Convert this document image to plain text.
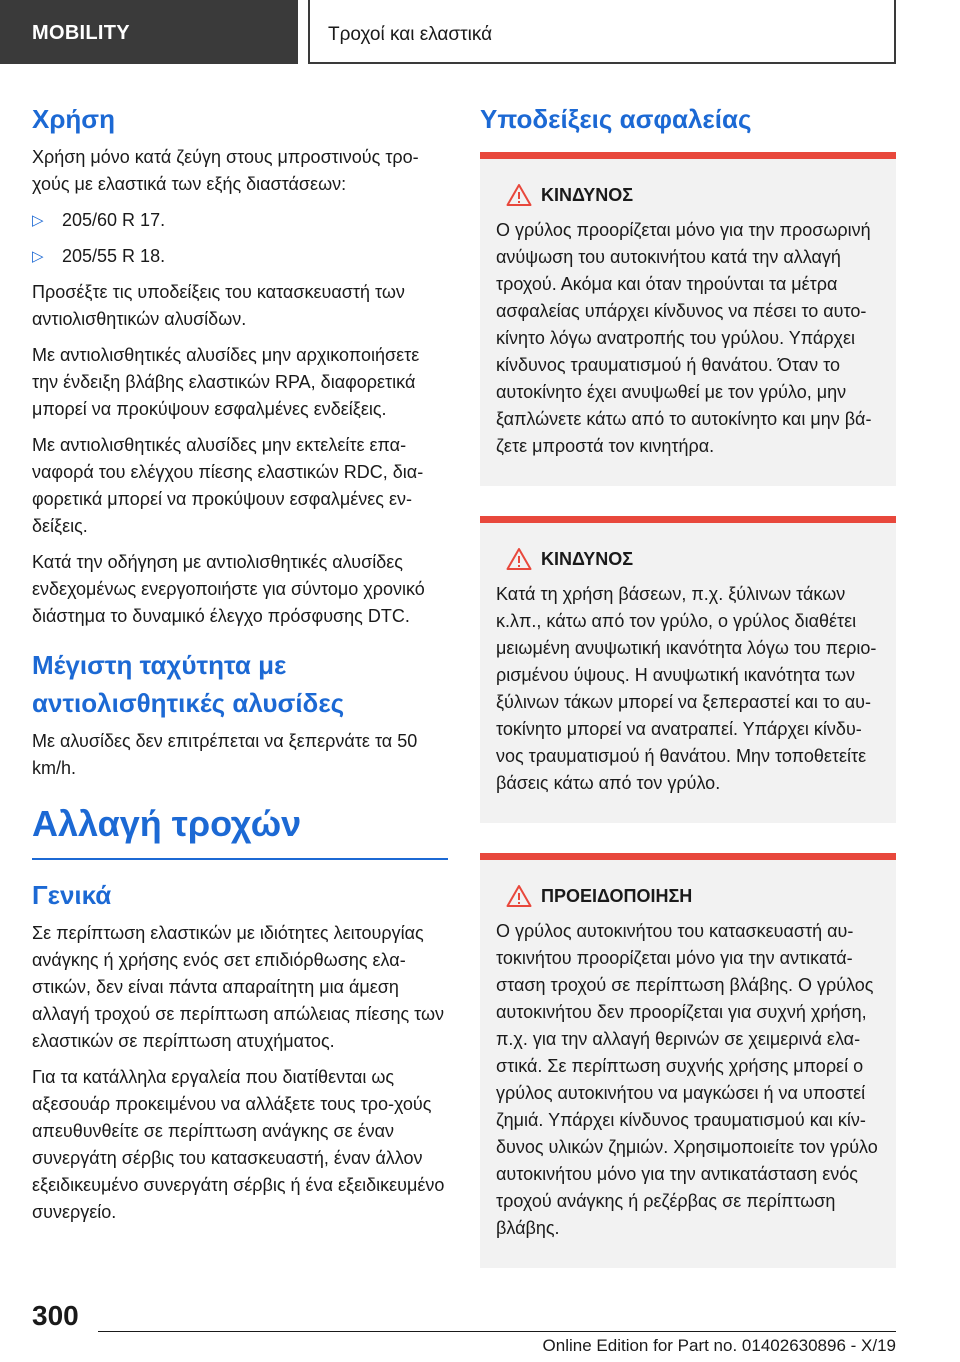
MOBILITY	Τροχοί και ελαστικά
Χρήση
Χρήση μόνο κατά ζεύγη στους μπροστινούς τρο-χούς με ελαστικά των εξής διαστάσεων:
▷ 205/60 R 17.
▷ 205/55 R 18.
Προσέξτε τις υποδείξεις του κατασκευαστή των αντιολισθητικών αλυσίδων.
Με αντιολισθητικές αλυσίδες μην αρχικοποιήσετε την ένδειξη βλάβης ελαστικών RPA, διαφορετικά μπορεί να προκύψουν εσφαλμένες ενδείξεις.
Με αντιολισθητικές αλυσίδες μην εκτελείτε επα-ναφορά του ελέγχου πίεσης ελαστικών RDC, δια-φορετικά μπορεί να προκύψουν εσφαλμένες εν-δείξεις.
Κατά την οδήγηση με αντιολισθητικές αλυσίδες ενδεχομένως ενεργοποιήστε για σύντομο χρονικό διάστημα το δυναμικό έλεγχο πρόσφυσης DTC.
Μέγιστη ταχύτητα με αντιολισθητικές αλυσίδες
Με αλυσίδες δεν επιτρέπεται να ξεπερνάτε τα 50 km/h.
Αλλαγή τροχών
Γενικά
Σε περίπτωση ελαστικών με ιδιότητες λειτουργίας ανάγκης ή χρήσης ενός σετ επιδιόρθωσης ελα-στικών, δεν είναι πάντα απαραίτητη μια άμεση αλλαγή τροχού σε περίπτωση απώλειας πίεσης των ελαστικών σε περίπτωση ατυχήματος.
Για τα κατάλληλα εργαλεία που διατίθενται ως αξεσουάρ προκειμένου να αλλάξετε τους τρο-χούς απευθυνθείτε σε περίπτωση ανάγκης σε έναν συνεργάτη σέρβις του κατασκευαστή, έναν άλλον εξειδικευμένο συνεργάτη σέρβις ή ένα εξειδικευμένο συνεργείο.
Υποδείξεις ασφαλείας
ΚΙΝΔΥΝΟΣ
Ο γρύλος προορίζεται μόνο για την προσωρινή ανύψωση του αυτοκινήτου κατά την αλλαγή τροχού. Ακόμα και όταν τηρούνται τα μέτρα ασφαλείας υπάρχει κίνδυνος να πέσει το αυτο-κίνητο λόγω ανατροπής του γρύλου. Υπάρχει κίνδυνος τραυματισμού ή θανάτου. Όταν το αυτοκίνητο έχει ανυψωθεί με τον γρύλο, μην ξαπλώνετε κάτω από το αυτοκίνητο και μην βά-ζετε μπροστά τον κινητήρα.
ΚΙΝΔΥΝΟΣ
Κατά τη χρήση βάσεων, π.χ. ξύλινων τάκων κ.λπ., κάτω από τον γρύλο, ο γρύλος διαθέτει μειωμένη ανυψωτική ικανότητα λόγω του περιο-ρισμένου ύψους. Η ανυψωτική ικανότητα των ξύλινων τάκων μπορεί να ξεπεραστεί και το αυ-τοκίνητο μπορεί να ανατραπεί. Υπάρχει κίνδυ-νος τραυματισμού ή θανάτου. Μην τοποθετείτε βάσεις κάτω από τον γρύλο.
ΠΡΟΕΙΔΟΠΟΙΗΣΗ
Ο γρύλος αυτοκινήτου του κατασκευαστή αυ-τοκινήτου προορίζεται μόνο για την αντικατά-σταση τροχού σε περίπτωση βλάβης. Ο γρύλος αυτοκινήτου δεν προορίζεται για συχνή χρήση, π.χ. για την αλλαγή θερινών σε χειμερινά ελα-στικά. Σε περίπτωση συχνής χρήσης μπορεί ο γρύλος αυτοκινήτου να μαγκώσει ή να υποστεί ζημιά. Υπάρχει κίνδυνος τραυματισμού και κίν-δυνος υλικών ζημιών. Χρησιμοποιείτε τον γρύλο αυτοκινήτου μόνο για την αντικατάσταση ενός τροχού ανάγκης ή ρεζέρβας σε περίπτωση βλάβης.
300
Online Edition for Part no. 01402630896 - X/19
